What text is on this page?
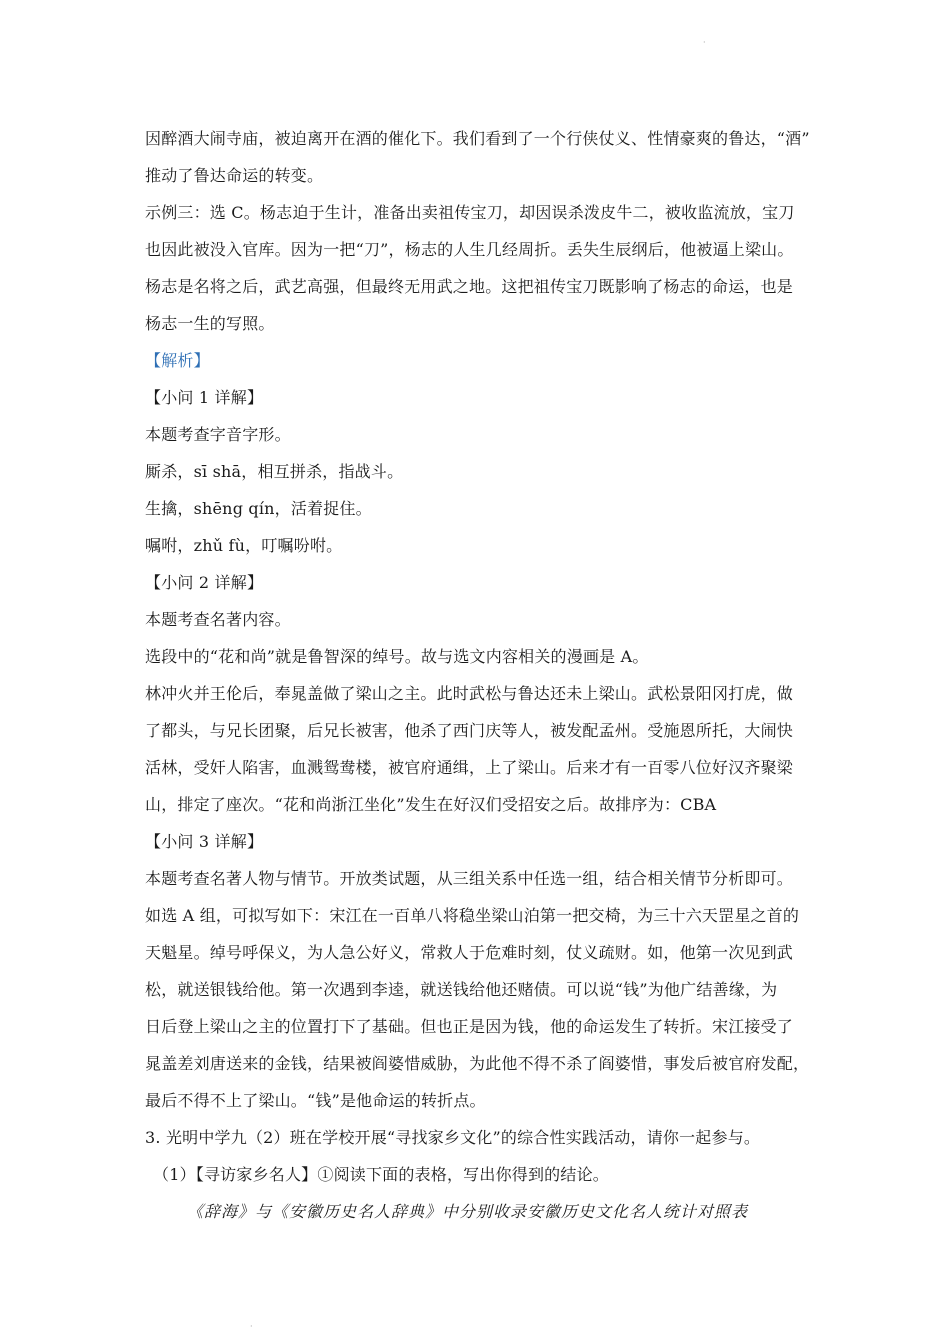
·
因醉酒大闹寺庙，被迫离开在酒的催化下。我们看到了一个行侠仗义、性情豪爽的鲁达，“酒”
推动了鲁达命运的转变。
示例三：选 C。杨志迫于生计，准备出卖祖传宝刀，却因误杀泼皮牛二，被收监流放，宝刀
也因此被没入官库。因为一把“刀”，杨志的人生几经周折。丢失生辰纲后，他被逼上梁山。
杨志是名将之后，武艺高强，但最终无用武之地。这把祖传宝刀既影响了杨志的命运，也是
杨志一生的写照。
【解析】
【小问 1 详解】
本题考查字音字形。
厮杀，sī shā，相互拼杀，指战斗。
生擒，shēng qín，活着捉住。
嘱咐，zhǔ fù，叮嘱吩咐。
【小问 2 详解】
本题考查名著内容。
选段中的“花和尚”就是鲁智深的绰号。故与选文内容相关的漫画是 A。
林冲火并王伦后，奉晁盖做了梁山之主。此时武松与鲁达还未上梁山。武松景阳冈打虎，做
了都头，与兄长团聚，后兄长被害，他杀了西门庆等人，被发配孟州。受施恩所托，大闹快
活林，受奸人陷害，血溅鸳鸯楼，被官府通缉，上了梁山。后来才有一百零八位好汉齐聚梁
山，排定了座次。“花和尚浙江坐化”发生在好汉们受招安之后。故排序为：CBA
【小问 3 详解】
本题考查名著人物与情节。开放类试题，从三组关系中任选一组，结合相关情节分析即可。
如选 A 组，可拟写如下：宋江在一百单八将稳坐梁山泊第一把交椅，为三十六天罡星之首的
天魁星。绰号呼保义，为人急公好义，常救人于危难时刻，仗义疏财。如，他第一次见到武
松，就送银钱给他。第一次遇到李逵，就送钱给他还赌债。可以说“钱”为他广结善缘，为
日后登上梁山之主的位置打下了基础。但也正是因为钱，他的命运发生了转折。宋江接受了
晁盖差刘唐送来的金钱，结果被阎婆惜威胁，为此他不得不杀了阎婆惜，事发后被官府发配，
最后不得不上了梁山。“钱”是他命运的转折点。
3. 光明中学九（2）班在学校开展“寻找家乡文化”的综合性实践活动，请你一起参与。
（1）【寻访家乡名人】①阅读下面的表格，写出你得到的结论。
《辞海》与《安徽历史名人辞典》中分别收录安徽历史文化名人统计对照表
·
